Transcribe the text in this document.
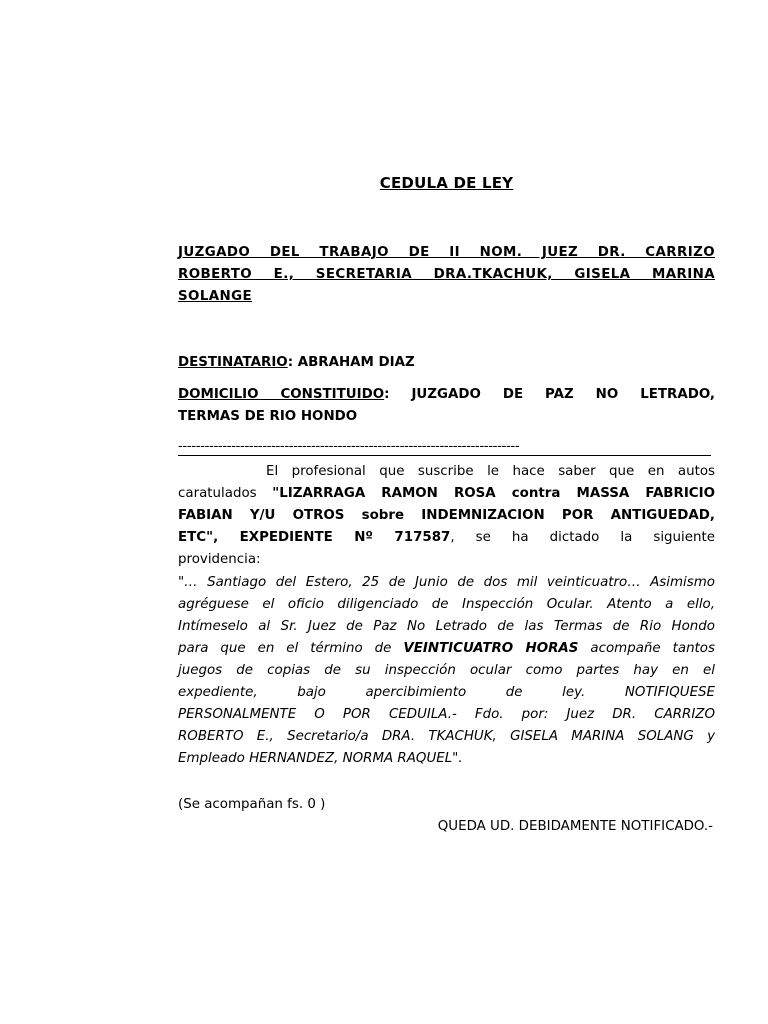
CEDULA DE LEY
JUZGADO DEL TRABAJO DE II NOM. JUEZ DR. CARRIZO
ROBERTO E., SECRETARIA DRA.TKACHUK, GISELA MARINA
SOLANGE
DESTINATARIO: ABRAHAM DIAZ
DOMICILIO CONSTITUIDO: JUZGADO DE PAZ NO LETRADO,
TERMAS DE RIO HONDO
-----------------------------------------------------------------------------
El profesional que suscribe le hace saber que en autos
caratulados "LIZARRAGA RAMON ROSA contra MASSA FABRICIO
FABIAN Y/U OTROS sobre INDEMNIZACION POR ANTIGUEDAD,
ETC", EXPEDIENTE Nº 717587, se ha dictado la siguiente
providencia:
"… Santiago del Estero, 25 de Junio de dos mil veinticuatro… Asimismo
agréguese el oficio diligenciado de Inspección Ocular. Atento a ello,
Intímeselo al Sr. Juez de Paz No Letrado de las Termas de Rio Hondo
para que en el término de VEINTICUATRO HORAS acompañe tantos
juegos de copias de su inspección ocular como partes hay en el
expediente, bajo apercibimiento de ley. NOTIFIQUESE
PERSONALMENTE O POR CEDUILA.- Fdo. por: Juez DR. CARRIZO
ROBERTO E., Secretario/a DRA. TKACHUK, GISELA MARINA SOLANG y
Empleado HERNANDEZ, NORMA RAQUEL".
(Se acompañan fs. 0 )
QUEDA UD. DEBIDAMENTE NOTIFICADO.-
